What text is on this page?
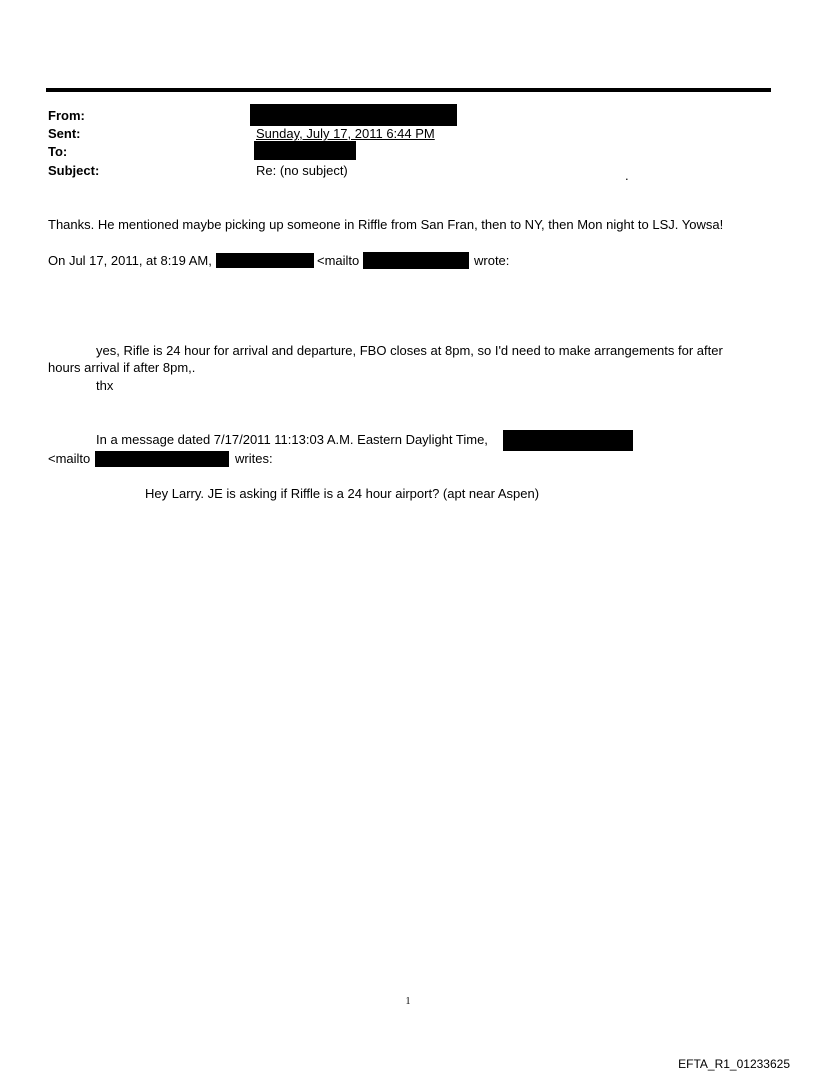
From:
Sent:	Sunday, July 17, 2011 6:44 PM
To:
Subject:	Re: (no subject)	.
Thanks. He mentioned maybe picking up someone in Riffle from San Fran, then to NY, then Mon night to LSJ. Yowsa!
On Jul 17, 2011, at 8:19 AM,	<mailto	wrote:
yes, Rifle is 24 hour for arrival and departure, FBO closes at 8pm, so I'd need to make arrangements for after
hours arrival if after 8pm,.
thx
In a message dated 7/17/2011 11:13:03 A.M. Eastern Daylight Time,
<mailto	writes:
Hey Larry. JE is asking if Riffle is a 24 hour airport? (apt near Aspen)
1
EFTA_R1_01233625
